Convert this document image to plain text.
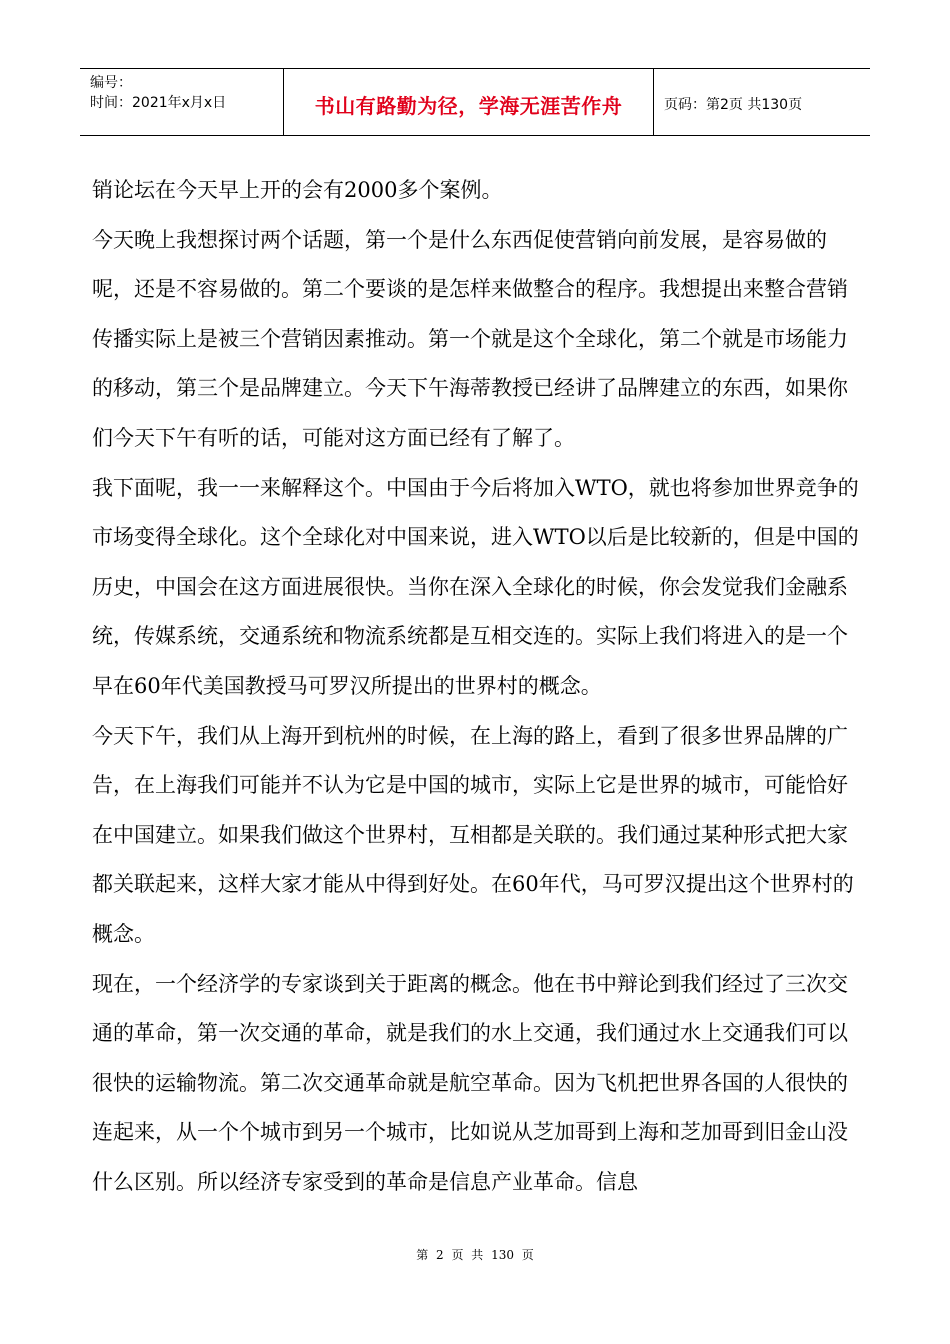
编号：
时间：2021年x月x日	书山有路勤为径，学海无涯苦作舟	页码：第2页 共130页

销论坛在今天早上开的会有2000多个案例。

今天晚上我想探讨两个话题，第一个是什么东西促使营销向前发展，是容易做的呢，还是不容易做的。第二个要谈的是怎样来做整合的程序。我想提出来整合营销传播实际上是被三个营销因素推动。第一个就是这个全球化，第二个就是市场能力的移动，第三个是品牌建立。今天下午海蒂教授已经讲了品牌建立的东西，如果你们今天下午有听的话，可能对这方面已经有了解了。

我下面呢，我一一来解释这个。中国由于今后将加入WTO，就也将参加世界竞争的市场变得全球化。这个全球化对中国来说，进入WTO以后是比较新的，但是中国的历史，中国会在这方面进展很快。当你在深入全球化的时候，你会发觉我们金融系统，传媒系统，交通系统和物流系统都是互相交连的。实际上我们将进入的是一个早在60年代美国教授马可罗汉所提出的世界村的概念。

今天下午，我们从上海开到杭州的时候，在上海的路上，看到了很多世界品牌的广告，在上海我们可能并不认为它是中国的城市，实际上它是世界的城市，可能恰好在中国建立。如果我们做这个世界村，互相都是关联的。我们通过某种形式把大家都关联起来，这样大家才能从中得到好处。在60年代，马可罗汉提出这个世界村的概念。

现在，一个经济学的专家谈到关于距离的概念。他在书中辩论到我们经过了三次交通的革命，第一次交通的革命，就是我们的水上交通，我们通过水上交通我们可以很快的运输物流。第二次交通革命就是航空革命。因为飞机把世界各国的人很快的连起来，从一个个城市到另一个城市，比如说从芝加哥到上海和芝加哥到旧金山没什么区别。所以经济专家受到的革命是信息产业革命。信息

第 2 页 共 130 页
